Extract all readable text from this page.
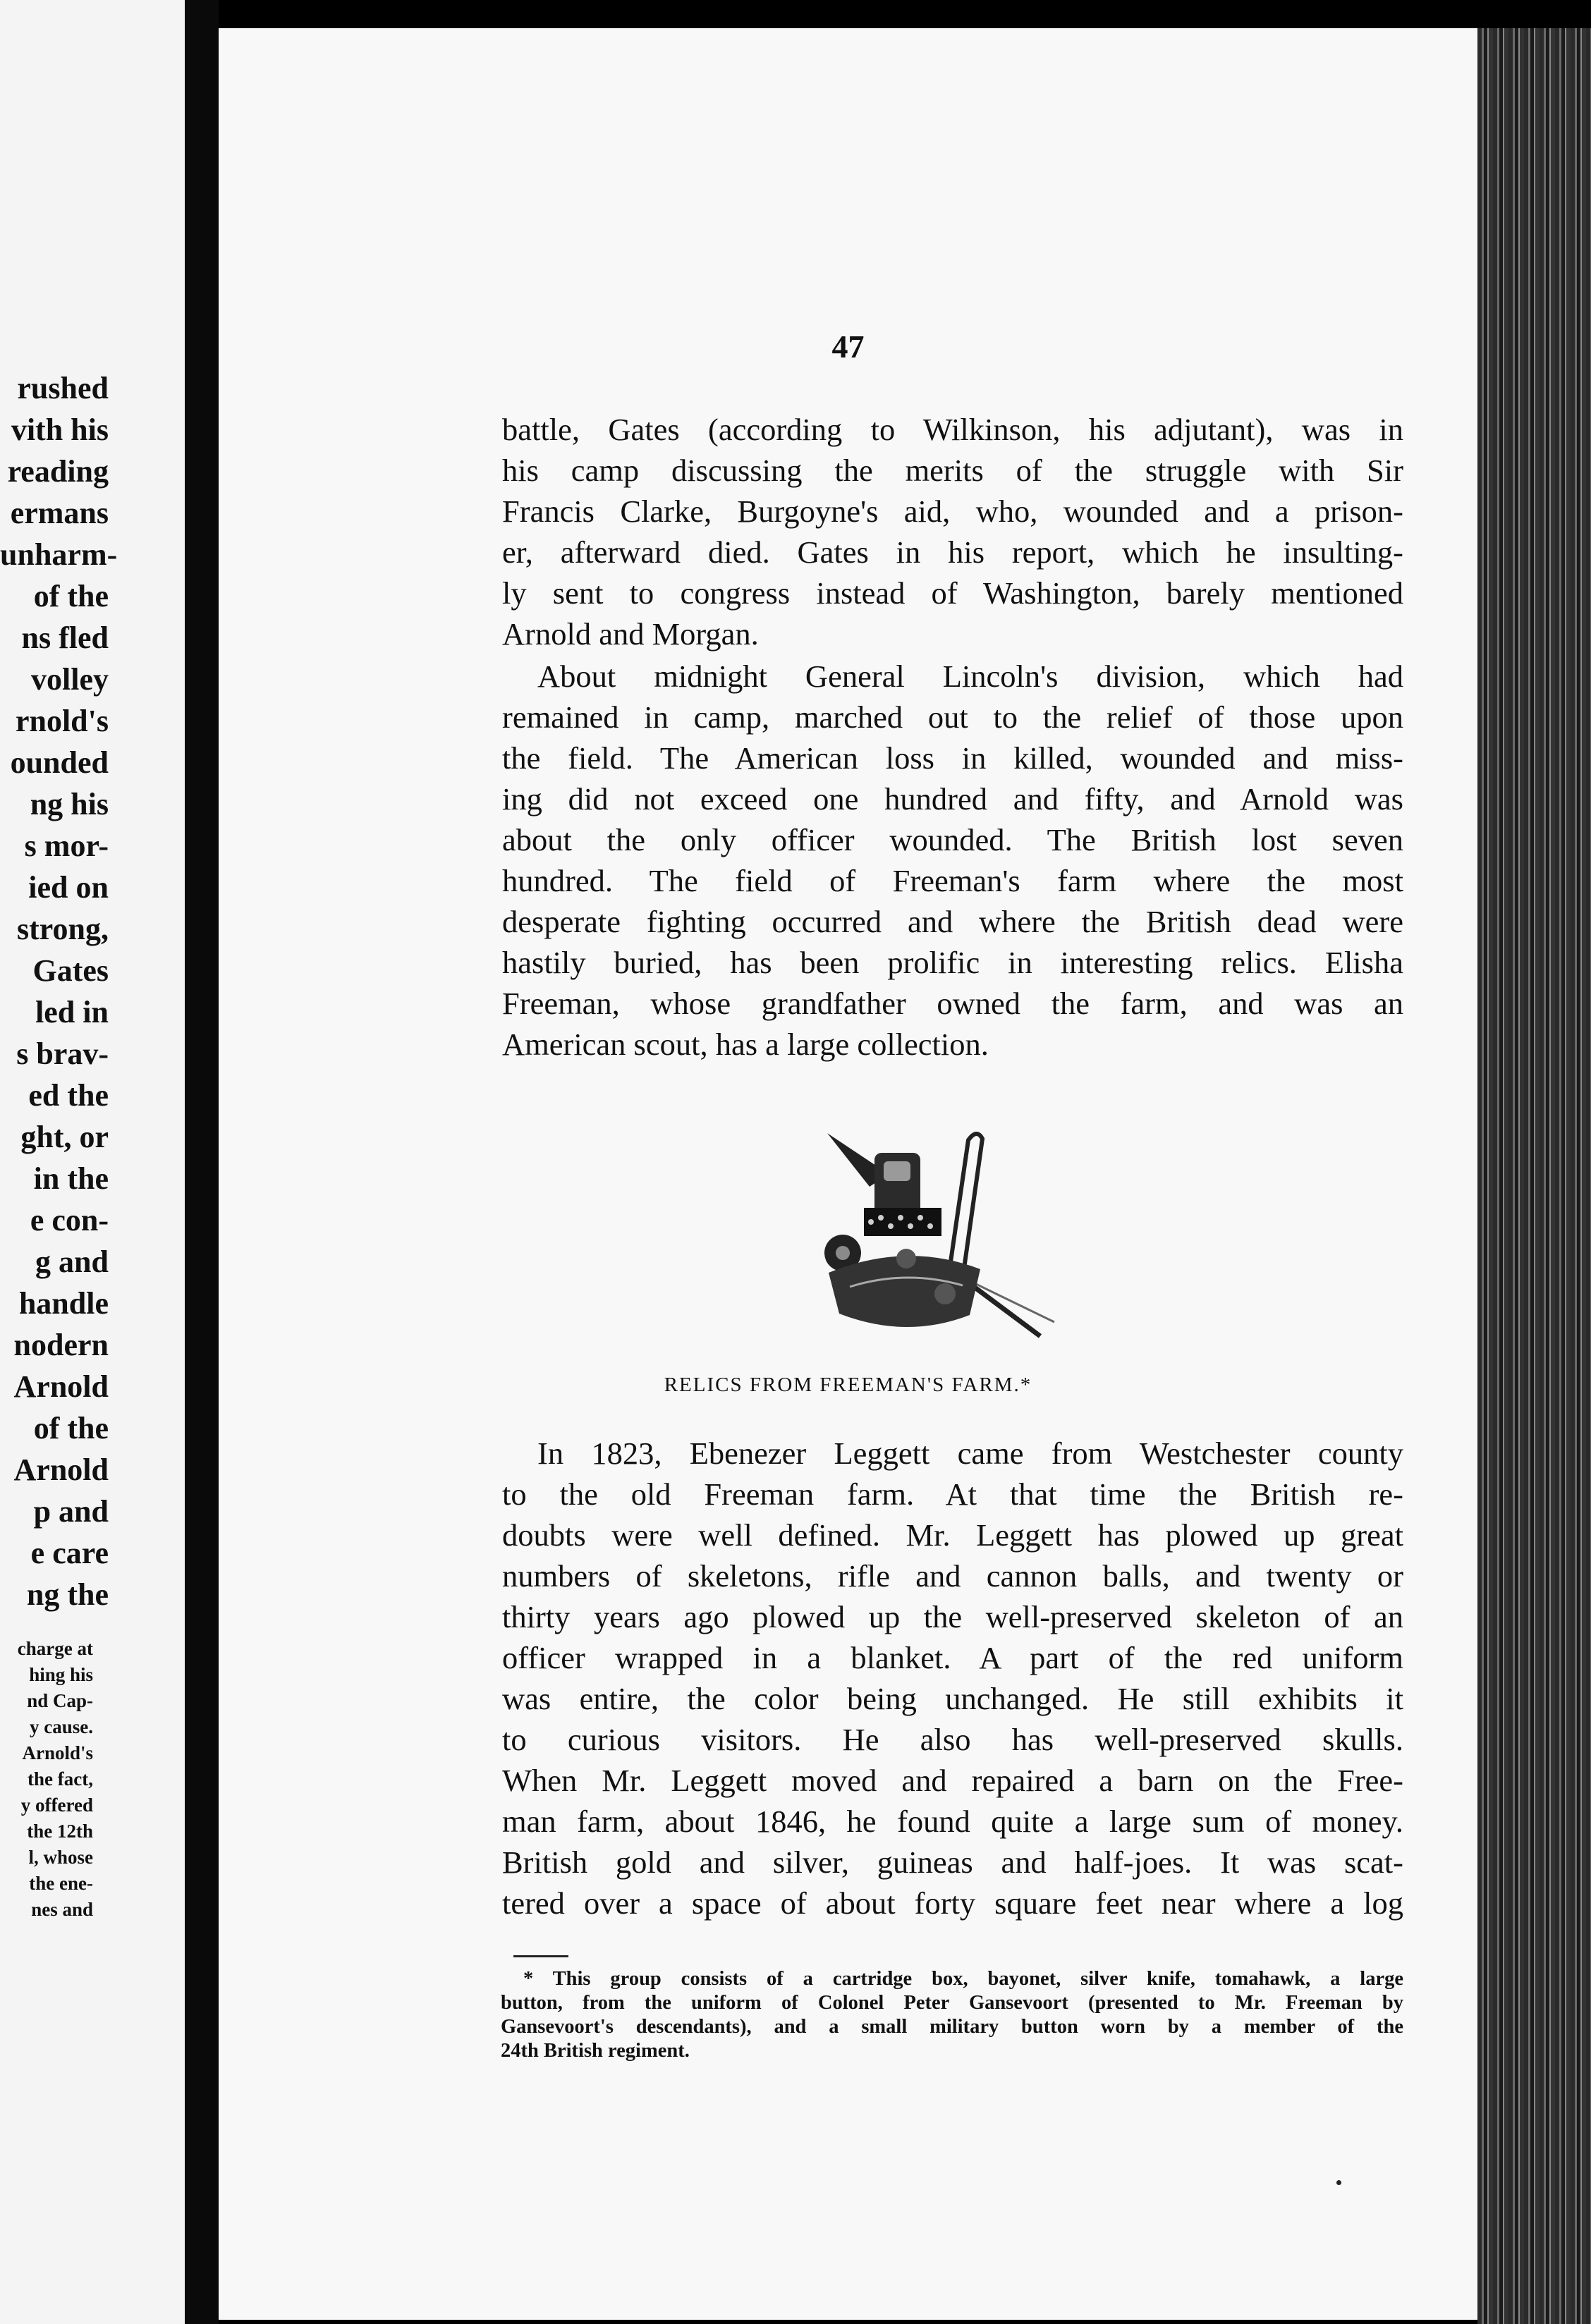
rushed
vith his
reading
ermans
unharm-
of the
ns fled
volley
rnold's
ounded
ng his
s mor-
ied on
strong,
Gates
led in
s brav-
ed the
ght, or
in the
e con-
g and
handle
nodern
Arnold
of the
Arnold
p and
e care
ng the
charge at
hing his
nd Cap-
y cause.
Arnold's
the fact,
y offered
the 12th
l, whose
the ene-
nes and
47
battle, Gates (according to Wilkinson, his adjutant), was in
his camp discussing the merits of the struggle with Sir
Francis Clarke, Burgoyne's aid, who, wounded and a prison-
er, afterward died. Gates in his report, which he insulting-
ly sent to congress instead of Washington, barely mentioned
Arnold and Morgan.
About midnight General Lincoln's division, which had
remained in camp, marched out to the relief of those upon
the field. The American loss in killed, wounded and miss-
ing did not exceed one hundred and fifty, and Arnold was
about the only officer wounded. The British lost seven
hundred. The field of Freeman's farm where the most
desperate fighting occurred and where the British dead were
hastily buried, has been prolific in interesting relics. Elisha
Freeman, whose grandfather owned the farm, and was an
American scout, has a large collection.
RELICS FROM FREEMAN'S FARM.*
In 1823, Ebenezer Leggett came from Westchester county
to the old Freeman farm. At that time the British re-
doubts were well defined. Mr. Leggett has plowed up great
numbers of skeletons, rifle and cannon balls, and twenty or
thirty years ago plowed up the well-preserved skeleton of an
officer wrapped in a blanket. A part of the red uniform
was entire, the color being unchanged. He still exhibits it
to curious visitors. He also has well-preserved skulls.
When Mr. Leggett moved and repaired a barn on the Free-
man farm, about 1846, he found quite a large sum of money.
British gold and silver, guineas and half-joes. It was scat-
tered over a space of about forty square feet near where a log
* This group consists of a cartridge box, bayonet, silver knife, tomahawk, a large
button, from the uniform of Colonel Peter Gansevoort (presented to Mr. Freeman by
Gansevoort's descendants), and a small military button worn by a member of the
24th British regiment.
